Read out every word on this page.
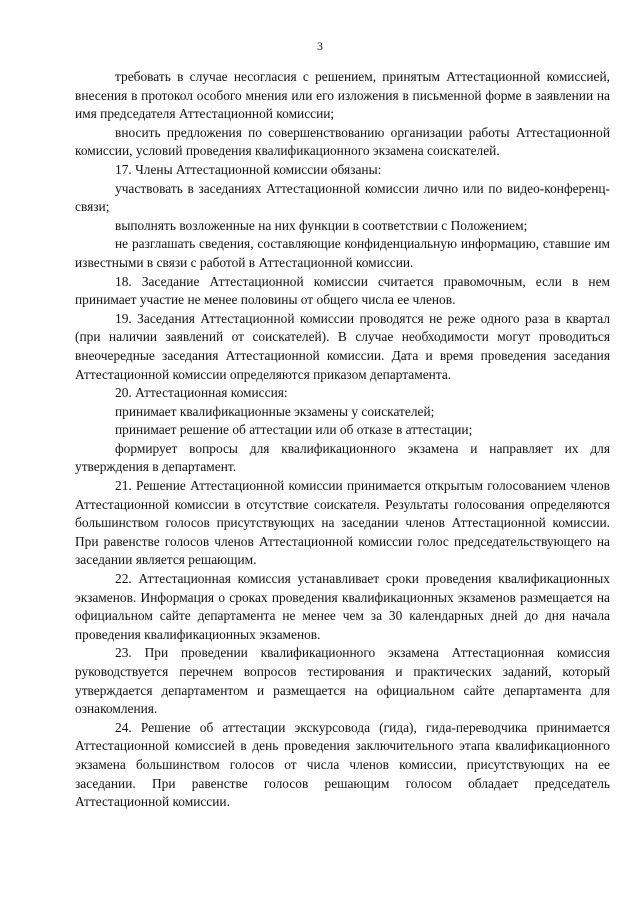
3

требовать в случае несогласия с решением, принятым Аттестационной комиссией, внесения в протокол особого мнения или его изложения в письменной форме в заявлении на имя председателя Аттестационной комиссии;

вносить предложения по совершенствованию организации работы Аттестационной комиссии, условий проведения квалификационного экзамена соискателей.

17. Члены Аттестационной комиссии обязаны:

участвовать в заседаниях Аттестационной комиссии лично или по видео-конференц-связи;

выполнять возложенные на них функции в соответствии с Положением;

не разглашать сведения, составляющие конфиденциальную информацию, ставшие им известными в связи с работой в Аттестационной комиссии.

18. Заседание Аттестационной комиссии считается правомочным, если в нем принимает участие не менее половины от общего числа ее членов.

19. Заседания Аттестационной комиссии проводятся не реже одного раза в квартал (при наличии заявлений от соискателей). В случае необходимости могут проводиться внеочередные заседания Аттестационной комиссии. Дата и время проведения заседания Аттестационной комиссии определяются приказом департамента.

20. Аттестационная комиссия:

принимает квалификационные экзамены у соискателей;

принимает решение об аттестации или об отказе в аттестации;

формирует вопросы для квалификационного экзамена и направляет их для утверждения в департамент.

21. Решение Аттестационной комиссии принимается открытым голосованием членов Аттестационной комиссии в отсутствие соискателя. Результаты голосования определяются большинством голосов присутствующих на заседании членов Аттестационной комиссии. При равенстве голосов членов Аттестационной комиссии голос председательствующего на заседании является решающим.

22. Аттестационная комиссия устанавливает сроки проведения квалификационных экзаменов. Информация о сроках проведения квалификационных экзаменов размещается на официальном сайте департамента не менее чем за 30 календарных дней до дня начала проведения квалификационных экзаменов.

23. При проведении квалификационного экзамена Аттестационная комиссия руководствуется перечнем вопросов тестирования и практических заданий, который утверждается департаментом и размещается на официальном сайте департамента для ознакомления.

24. Решение об аттестации экскурсовода (гида), гида-переводчика принимается Аттестационной комиссией в день проведения заключительного этапа квалификационного экзамена большинством голосов от числа членов комиссии, присутствующих на ее заседании. При равенстве голосов решающим голосом обладает председатель Аттестационной комиссии.
